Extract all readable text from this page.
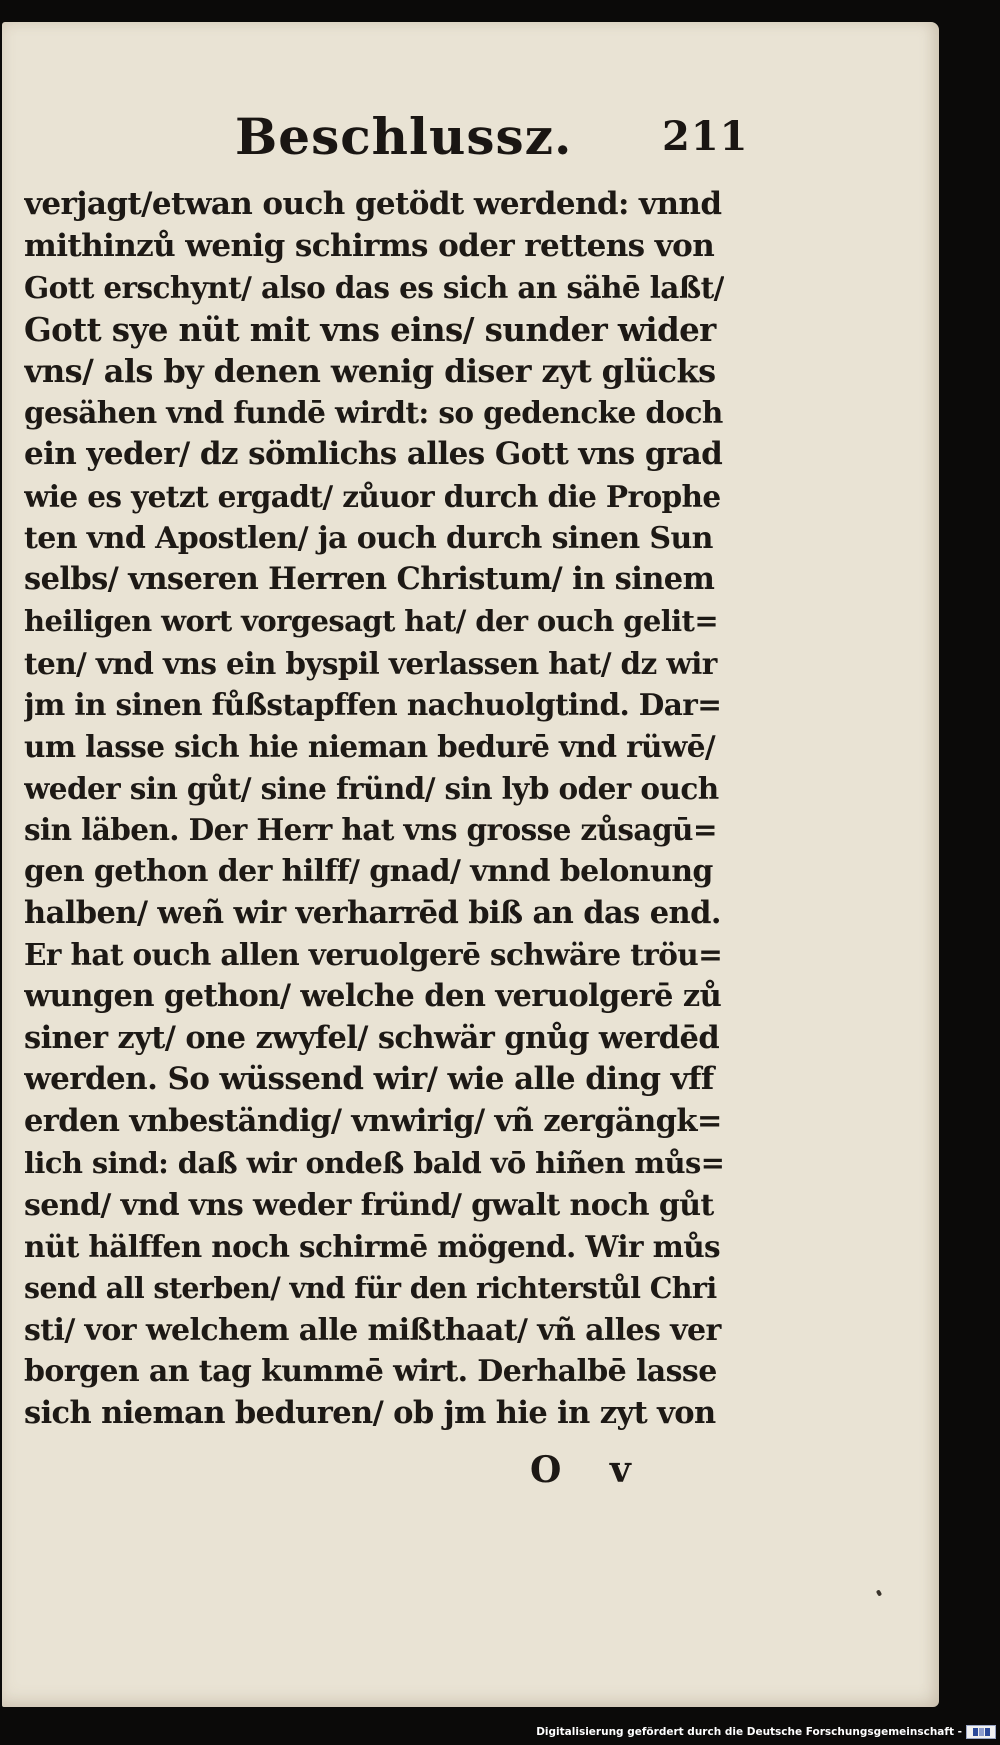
Beschlussz. 211
verjagt/etwan ouch getödt werdend: vnnd
mithinzů wenig schirms oder rettens von
Gott erschynt/ also das es sich an sähē laßt/
Gott sye nüt mit vns eins/ sunder wider
vns/ als by denen wenig diser zyt glücks
gesähen vnd fundē wirdt: so gedencke doch
ein yeder/ dz sömlichs alles Gott vns grad
wie es yetzt ergadt/ zůuor durch die Prophe
ten vnd Apostlen/ ja ouch durch sinen Sun
selbs/ vnseren Herren Christum/ in sinem
heiligen wort vorgesagt hat/ der ouch gelit=
ten/ vnd vns ein byspil verlassen hat/ dz wir
jm in sinen fůßstapffen nachuolgtind. Dar=
um lasse sich hie nieman bedurē vnd rüwē/
weder sin gůt/ sine fründ/ sin lyb oder ouch
sin läben. Der Herr hat vns grosse zůsagū=
gen gethon der hilff/ gnad/ vnnd belonung
halben/ weñ wir verharrēd biß an das end.
Er hat ouch allen veruolgerē schwäre tröu=
wungen gethon/ welche den veruolgerē zů
siner zyt/ one zwyfel/ schwär gnůg werdēd
werden. So wüssend wir/ wie alle ding vff
erden vnbeständig/ vnwirig/ vñ zergängk=
lich sind: daß wir ondeß bald vō hiñen můs=
send/ vnd vns weder fründ/ gwalt noch gůt
nüt hälffen noch schirmē mögend. Wir můs
send all sterben/ vnd für den richterstůl Chri
sti/ vor welchem alle mißthaat/ vñ alles ver
borgen an tag kummē wirt. Derhalbē lasse
sich nieman beduren/ ob jm hie in zyt von
O v
Digitalisierung gefördert durch die Deutsche Forschungsgemeinschaft -
